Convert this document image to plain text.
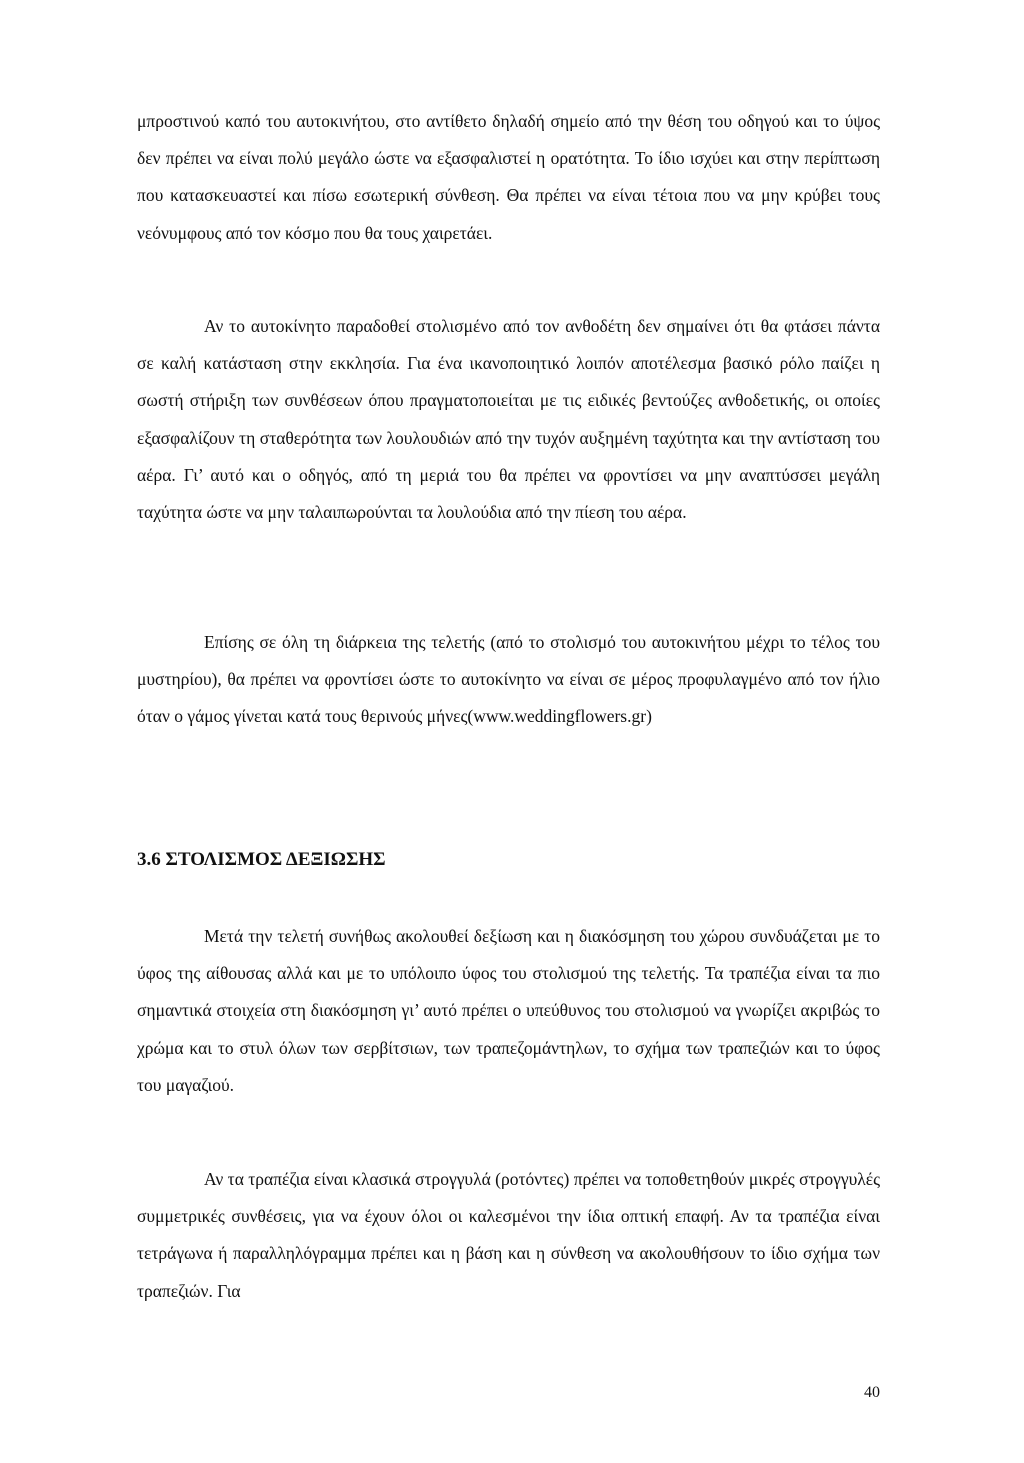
μπροστινού καπό του αυτοκινήτου, στο αντίθετο δηλαδή σημείο από την θέση του οδηγού και το ύψος δεν πρέπει να είναι πολύ μεγάλο ώστε να εξασφαλιστεί η ορατότητα. Το ίδιο ισχύει και στην περίπτωση που κατασκευαστεί και πίσω εσωτερική σύνθεση. Θα πρέπει να είναι τέτοια που να μην κρύβει τους νεόνυμφους από τον κόσμο που θα τους χαιρετάει.

Αν το αυτοκίνητο παραδοθεί στολισμένο από τον ανθοδέτη δεν σημαίνει ότι θα φτάσει πάντα σε καλή κατάσταση στην εκκλησία. Για ένα ικανοποιητικό λοιπόν αποτέλεσμα βασικό ρόλο παίζει η σωστή στήριξη των συνθέσεων όπου πραγματοποιείται με τις ειδικές βεντούζες ανθοδετικής, οι οποίες εξασφαλίζουν τη σταθερότητα των λουλουδιών από την τυχόν αυξημένη ταχύτητα και την αντίσταση του αέρα. Γι’ αυτό και ο οδηγός, από τη μεριά του θα πρέπει να φροντίσει να μην αναπτύσσει μεγάλη ταχύτητα ώστε να μην ταλαιπωρούνται τα λουλούδια από την πίεση του αέρα.

Επίσης σε όλη τη διάρκεια της τελετής (από το στολισμό του αυτοκινήτου μέχρι το τέλος του μυστηρίου), θα πρέπει να φροντίσει ώστε το αυτοκίνητο να είναι σε μέρος προφυλαγμένο από τον ήλιο όταν ο γάμος γίνεται κατά τους θερινούς μήνες(www.weddingflowers.gr)

3.6 ΣΤΟΛΙΣΜΟΣ ΔΕΞΙΩΣΗΣ

Μετά την τελετή συνήθως ακολουθεί δεξίωση και η διακόσμηση του χώρου συνδυάζεται με το ύφος της αίθουσας αλλά και με το υπόλοιπο ύφος του στολισμού της τελετής. Τα τραπέζια είναι τα πιο σημαντικά στοιχεία στη διακόσμηση γι’ αυτό πρέπει ο υπεύθυνος του στολισμού να γνωρίζει ακριβώς το χρώμα και το στυλ όλων των σερβίτσιων, των τραπεζομάντηλων, το σχήμα των τραπεζιών και το ύφος του μαγαζιού.

Αν τα τραπέζια είναι κλασικά στρογγυλά (ροτόντες) πρέπει να τοποθετηθούν μικρές στρογγυλές συμμετρικές συνθέσεις, για να έχουν όλοι οι καλεσμένοι την ίδια οπτική επαφή. Αν τα τραπέζια είναι τετράγωνα ή παραλληλόγραμμα πρέπει και η βάση και η σύνθεση να ακολουθήσουν το ίδιο σχήμα των τραπεζιών. Για

40
